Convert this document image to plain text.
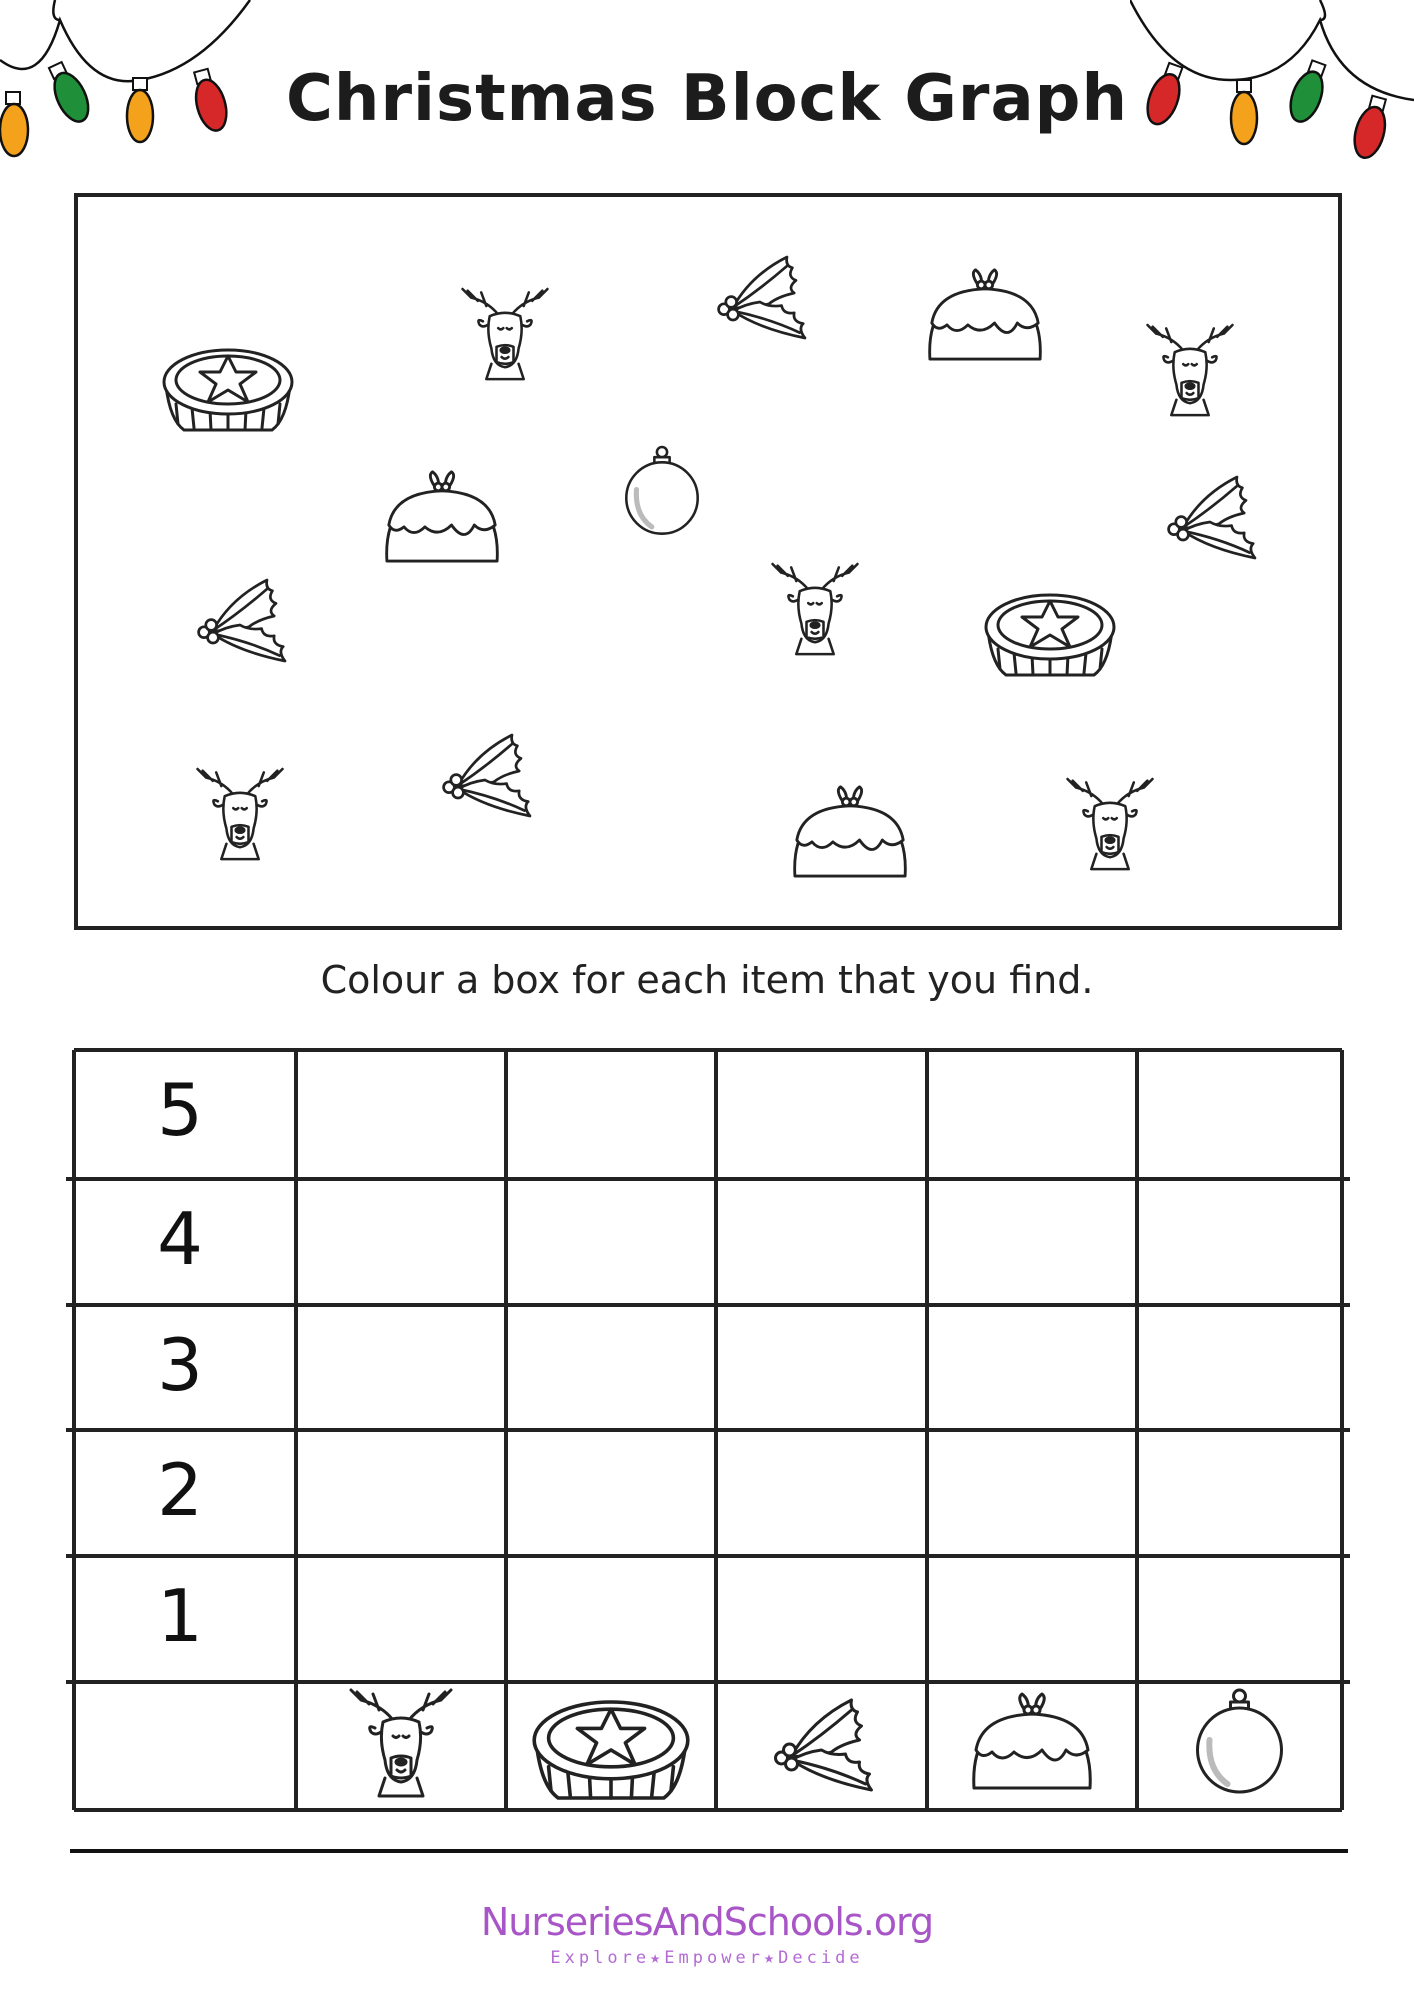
Christmas Block Graph
Colour a box for each item that you find.
5
4
3
2
1
NurseriesAndSchools.org
Explore★Empower★Decide
